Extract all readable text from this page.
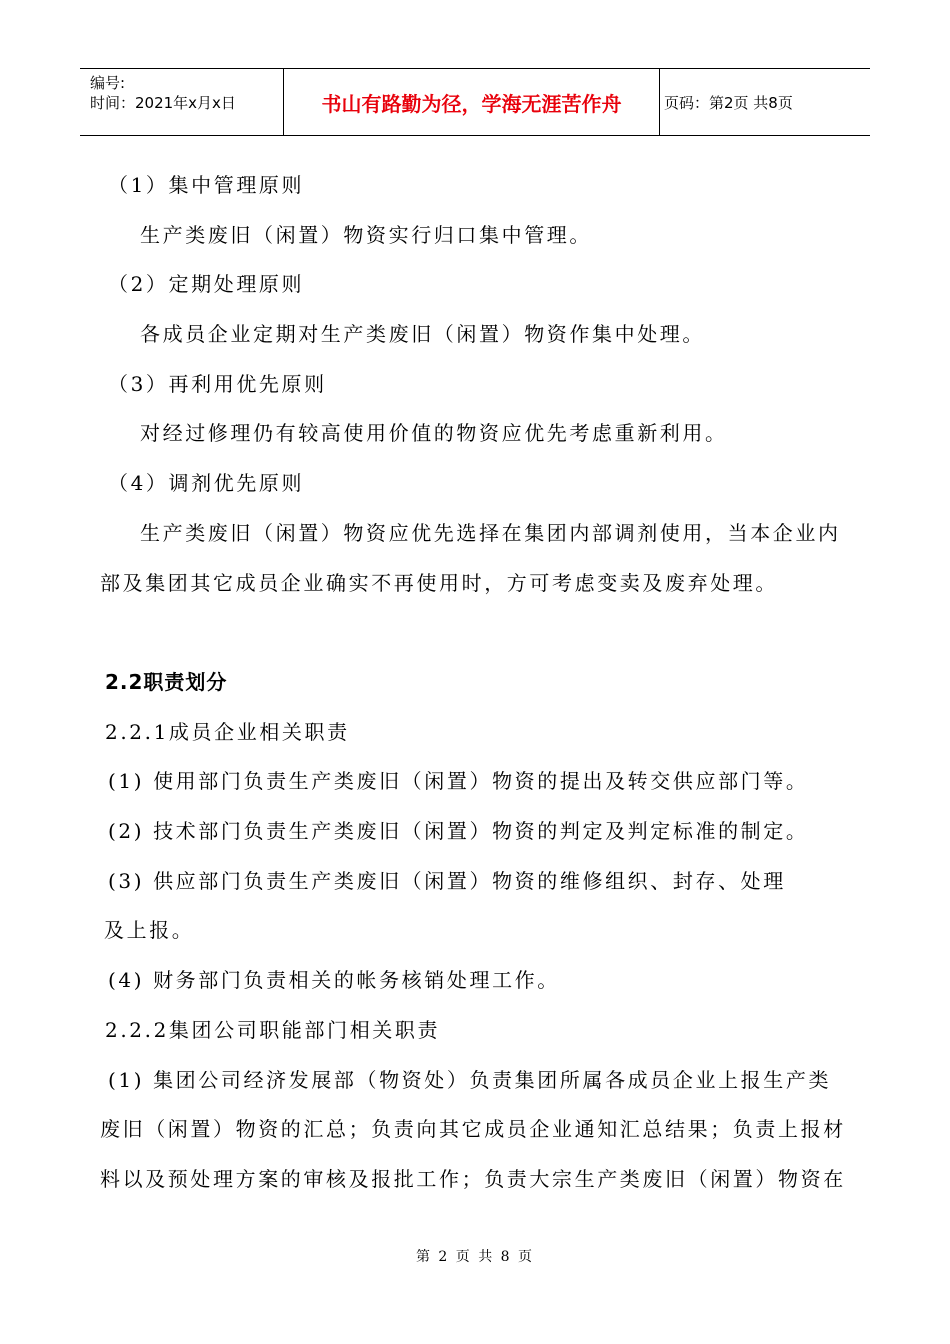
编号:
时间：2021年x月x日	书山有路勤为径，学海无涯苦作舟	页码：第2页 共8页
（1）集中管理原则
生产类废旧（闲置）物资实行归口集中管理。
（2）定期处理原则
各成员企业定期对生产类废旧（闲置）物资作集中处理。
（3）再利用优先原则
对经过修理仍有较高使用价值的物资应优先考虑重新利用。
（4）调剂优先原则
生产类废旧（闲置）物资应优先选择在集团内部调剂使用，当本企业内
部及集团其它成员企业确实不再使用时，方可考虑变卖及废弃处理。
2.2职责划分
2.2.1成员企业相关职责
(1) 使用部门负责生产类废旧（闲置）物资的提出及转交供应部门等。
(2) 技术部门负责生产类废旧（闲置）物资的判定及判定标准的制定。
(3) 供应部门负责生产类废旧（闲置）物资的维修组织、封存、处理
及上报。
(4) 财务部门负责相关的帐务核销处理工作。
2.2.2集团公司职能部门相关职责
(1) 集团公司经济发展部（物资处）负责集团所属各成员企业上报生产类
废旧（闲置）物资的汇总；负责向其它成员企业通知汇总结果；负责上报材
料以及预处理方案的审核及报批工作；负责大宗生产类废旧（闲置）物资在
第 2 页 共 8 页
